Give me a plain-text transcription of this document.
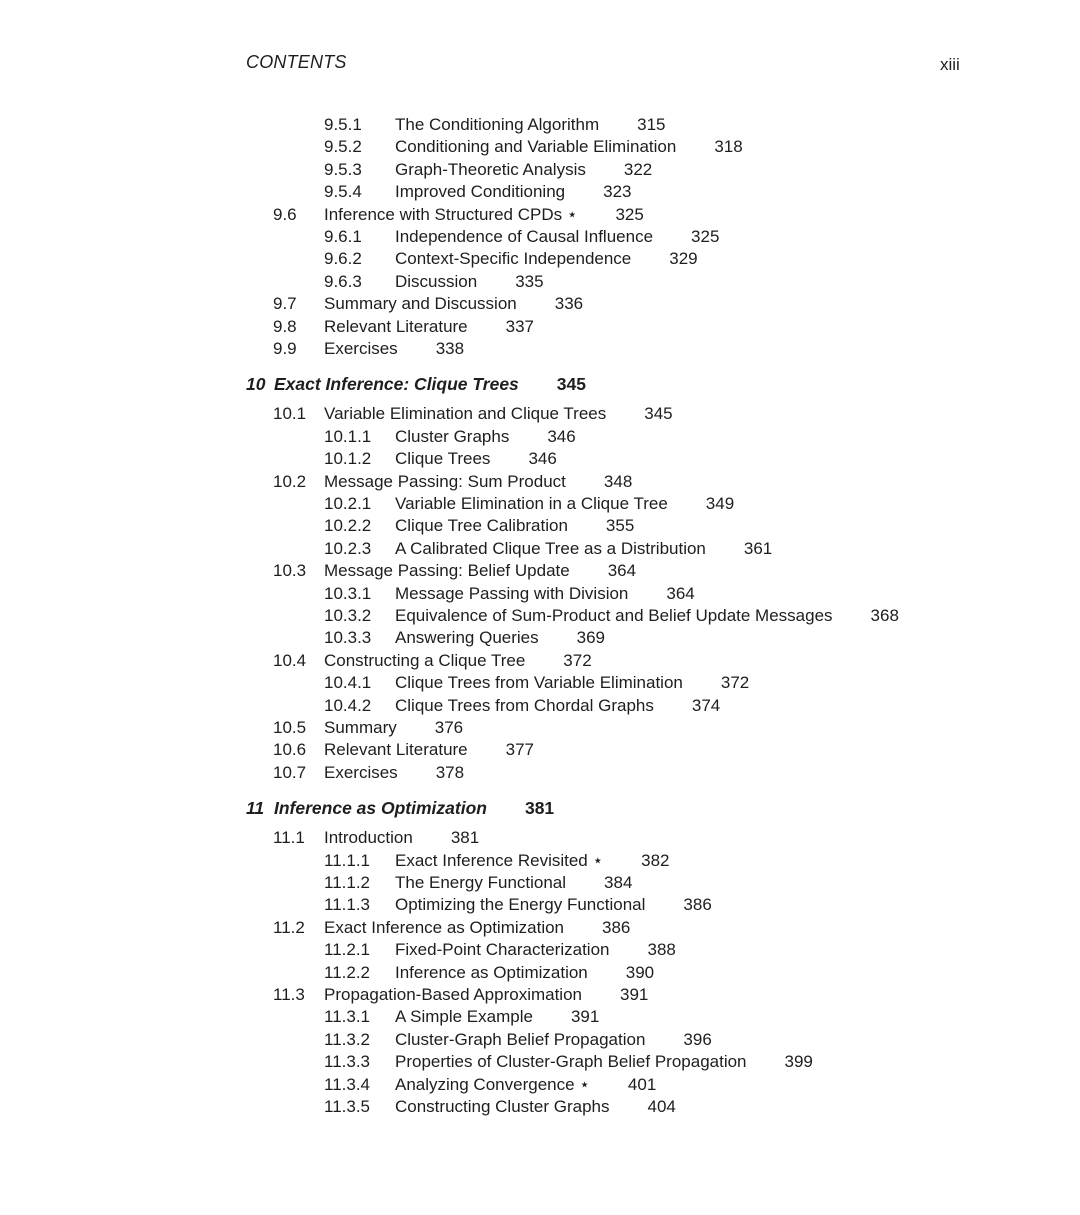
CONTENTS	xiii
9.5.1 The Conditioning Algorithm 315
9.5.2 Conditioning and Variable Elimination 318
9.5.3 Graph-Theoretic Analysis 322
9.5.4 Improved Conditioning 323
9.6 Inference with Structured CPDs ⋆ 325
9.6.1 Independence of Causal Influence 325
9.6.2 Context-Specific Independence 329
9.6.3 Discussion 335
9.7 Summary and Discussion 336
9.8 Relevant Literature 337
9.9 Exercises 338
10 Exact Inference: Clique Trees 345
10.1 Variable Elimination and Clique Trees 345
10.1.1 Cluster Graphs 346
10.1.2 Clique Trees 346
10.2 Message Passing: Sum Product 348
10.2.1 Variable Elimination in a Clique Tree 349
10.2.2 Clique Tree Calibration 355
10.2.3 A Calibrated Clique Tree as a Distribution 361
10.3 Message Passing: Belief Update 364
10.3.1 Message Passing with Division 364
10.3.2 Equivalence of Sum-Product and Belief Update Messages 368
10.3.3 Answering Queries 369
10.4 Constructing a Clique Tree 372
10.4.1 Clique Trees from Variable Elimination 372
10.4.2 Clique Trees from Chordal Graphs 374
10.5 Summary 376
10.6 Relevant Literature 377
10.7 Exercises 378
11 Inference as Optimization 381
11.1 Introduction 381
11.1.1 Exact Inference Revisited ⋆ 382
11.1.2 The Energy Functional 384
11.1.3 Optimizing the Energy Functional 386
11.2 Exact Inference as Optimization 386
11.2.1 Fixed-Point Characterization 388
11.2.2 Inference as Optimization 390
11.3 Propagation-Based Approximation 391
11.3.1 A Simple Example 391
11.3.2 Cluster-Graph Belief Propagation 396
11.3.3 Properties of Cluster-Graph Belief Propagation 399
11.3.4 Analyzing Convergence ⋆ 401
11.3.5 Constructing Cluster Graphs 404
